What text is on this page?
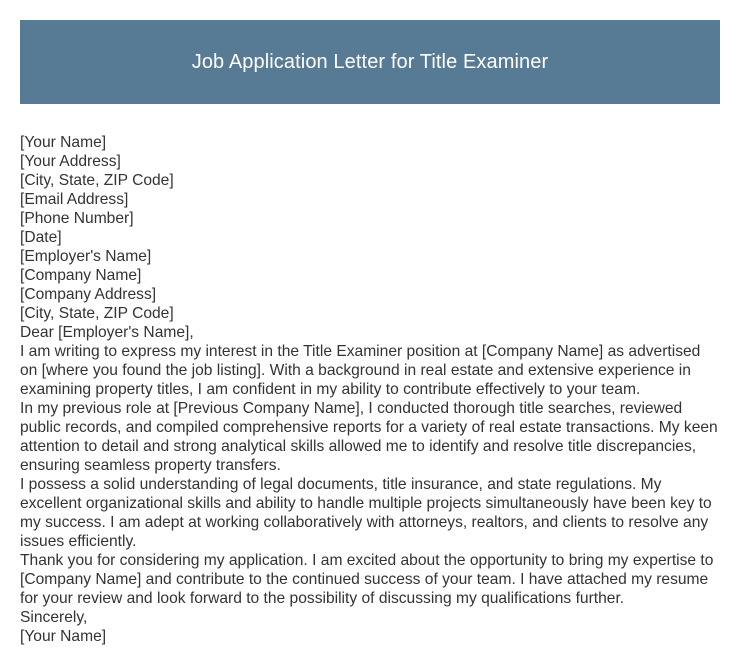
Job Application Letter for Title Examiner
[Your Name]
[Your Address]
[City, State, ZIP Code]
[Email Address]
[Phone Number]
[Date]
[Employer's Name]
[Company Name]
[Company Address]
[City, State, ZIP Code]
Dear [Employer's Name],
I am writing to express my interest in the Title Examiner position at [Company Name] as advertised on [where you found the job listing]. With a background in real estate and extensive experience in examining property titles, I am confident in my ability to contribute effectively to your team.
In my previous role at [Previous Company Name], I conducted thorough title searches, reviewed public records, and compiled comprehensive reports for a variety of real estate transactions. My keen attention to detail and strong analytical skills allowed me to identify and resolve title discrepancies, ensuring seamless property transfers.
I possess a solid understanding of legal documents, title insurance, and state regulations. My excellent organizational skills and ability to handle multiple projects simultaneously have been key to my success. I am adept at working collaboratively with attorneys, realtors, and clients to resolve any issues efficiently.
Thank you for considering my application. I am excited about the opportunity to bring my expertise to [Company Name] and contribute to the continued success of your team. I have attached my resume for your review and look forward to the possibility of discussing my qualifications further.
Sincerely,
[Your Name]
